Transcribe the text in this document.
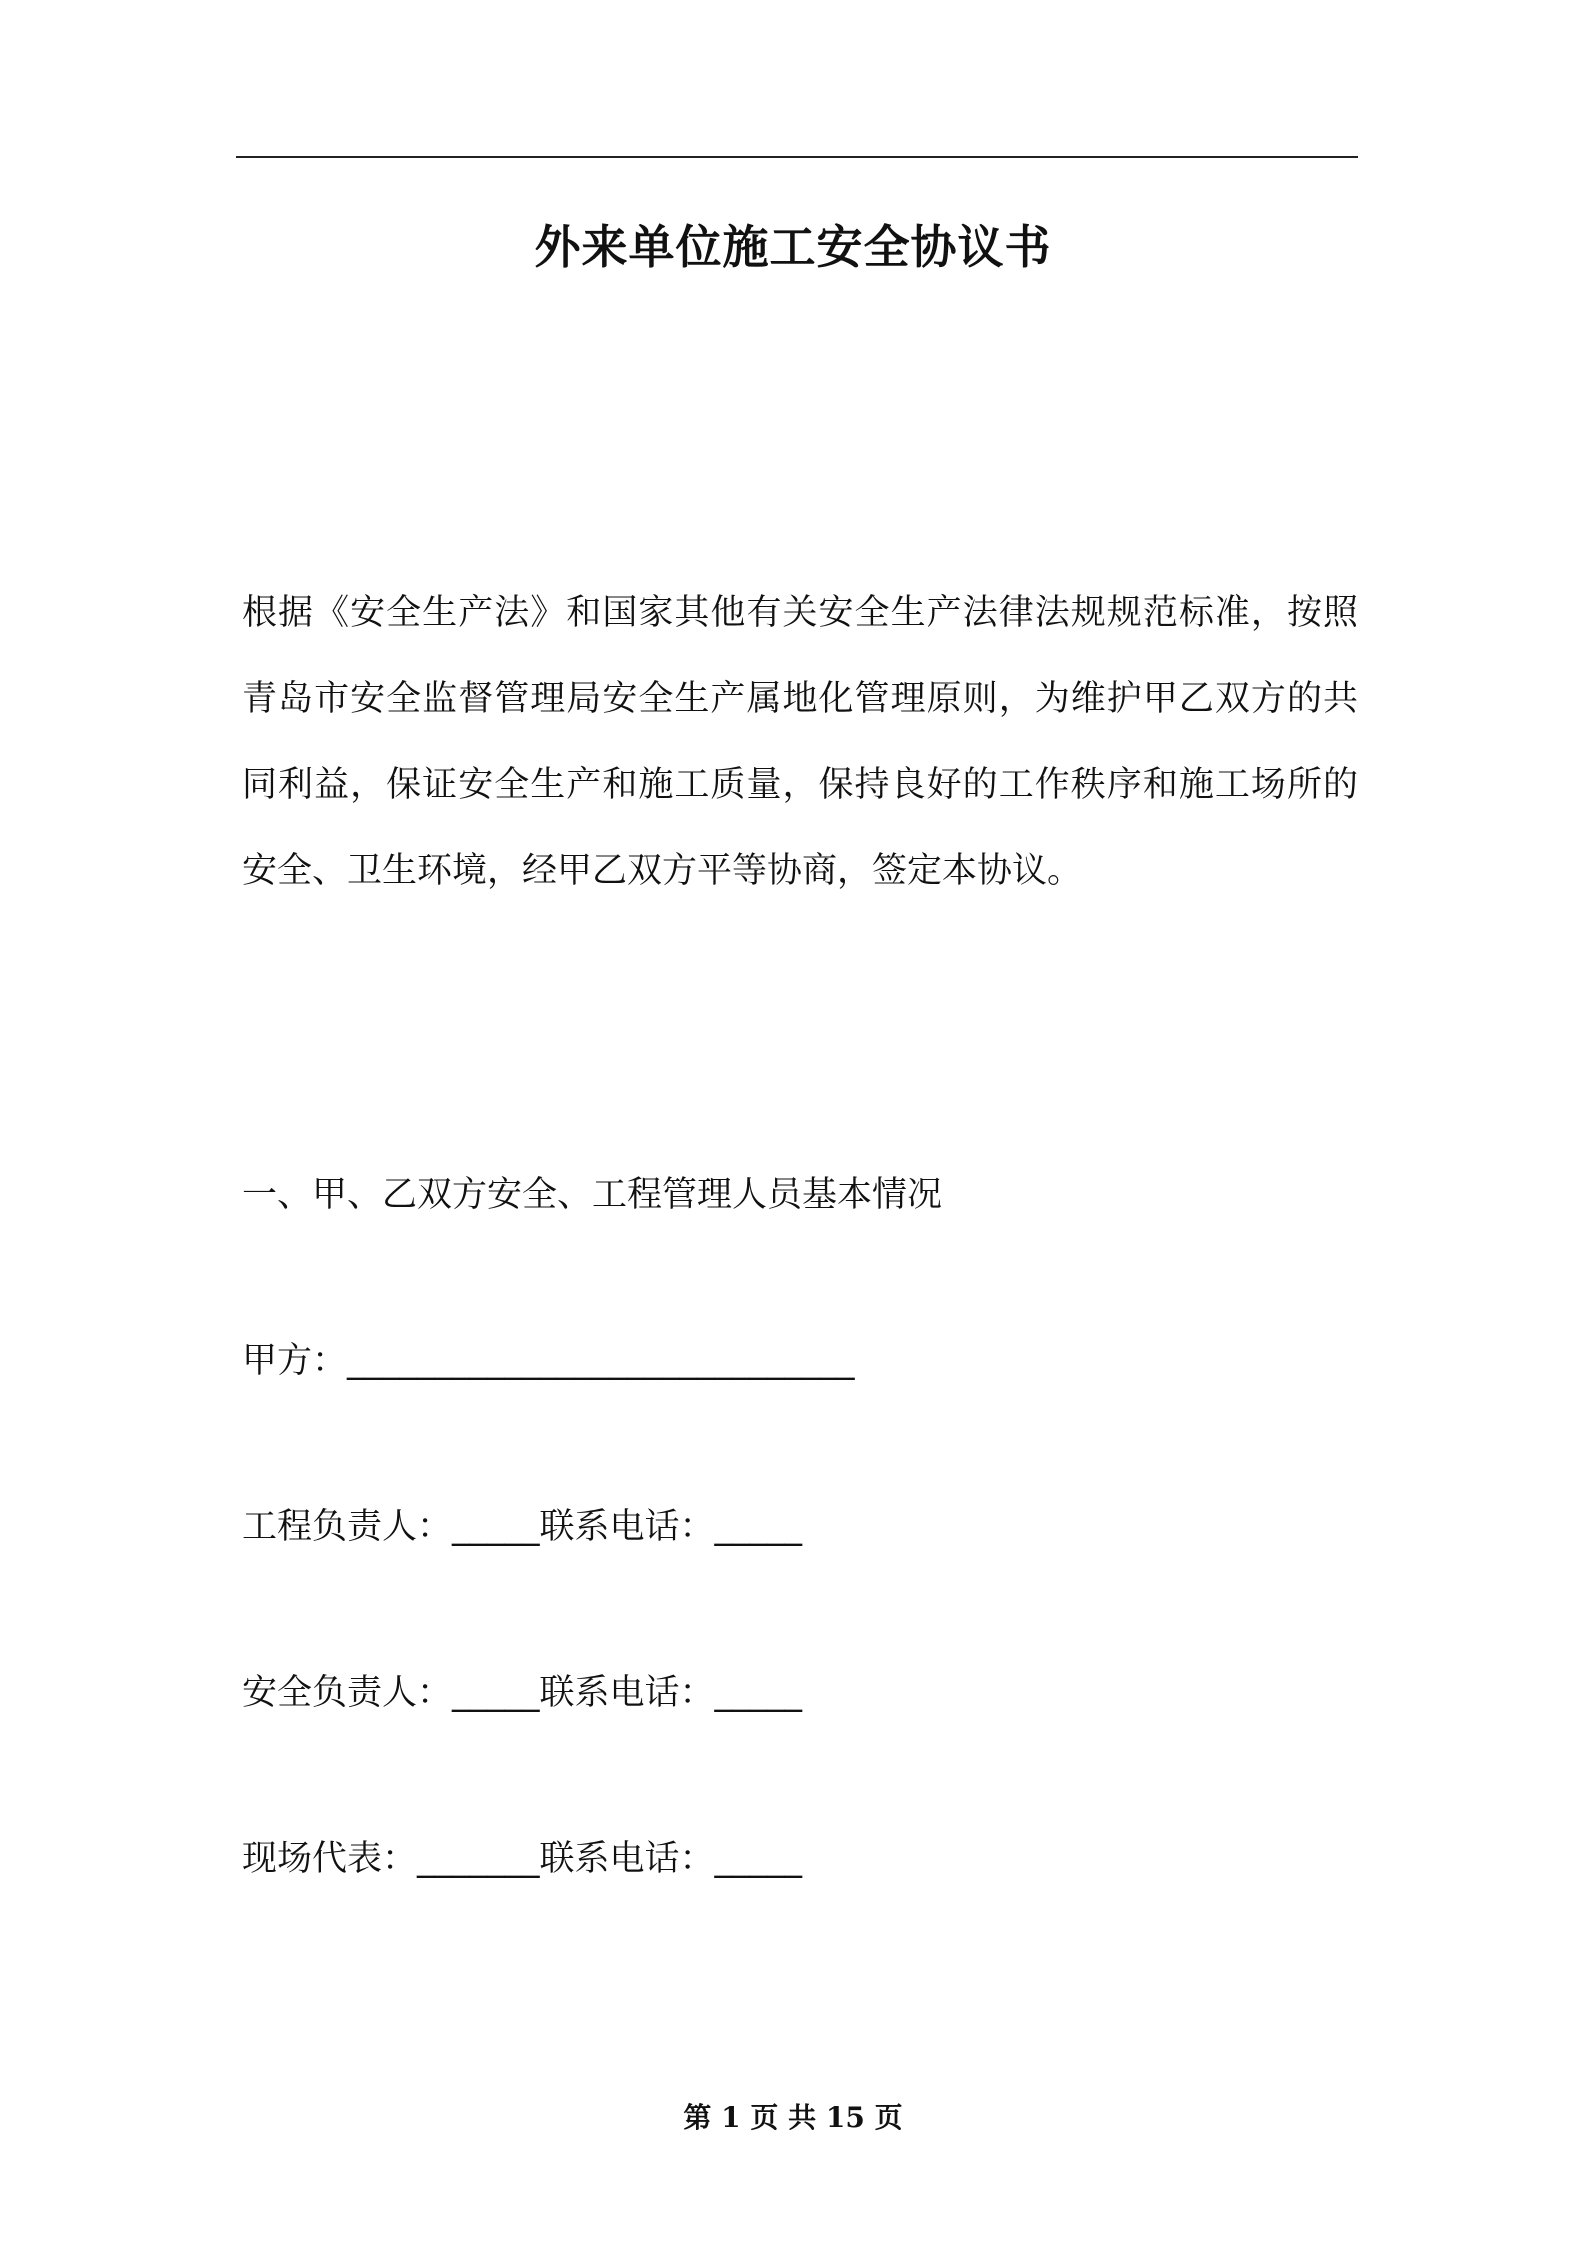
外来单位施工安全协议书
根据《安全生产法》和国家其他有关安全生产法律法规规范标准，按照青岛市安全监督管理局安全生产属地化管理原则，为维护甲乙双方的共同利益，保证安全生产和施工质量，保持良好的工作秩序和施工场所的安全、卫生环境，经甲乙双方平等协商，签定本协议。
一、甲、乙双方安全、工程管理人员基本情况
甲方：_____________________________
工程负责人：_____联系电话：_____
安全负责人：_____联系电话：_____
现场代表：_______联系电话：_____
第 1 页 共 15 页
